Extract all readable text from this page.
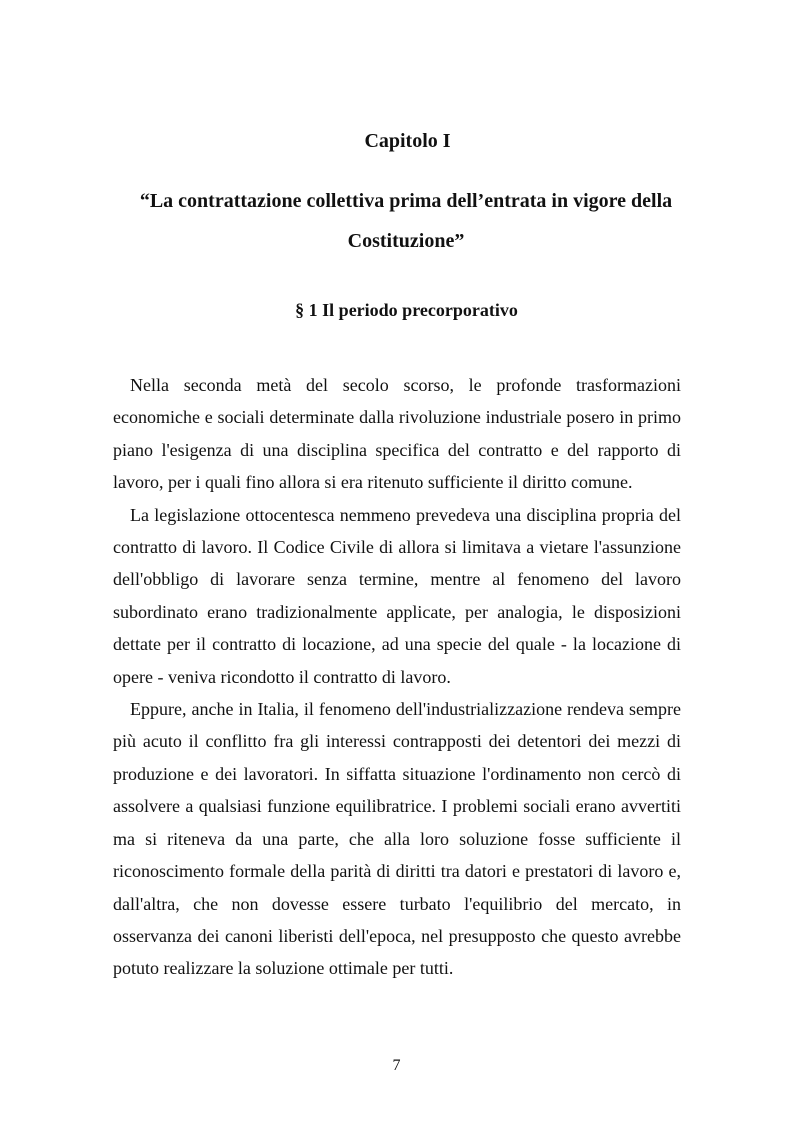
Capitolo I
“La contrattazione collettiva prima dell’entrata in vigore della Costituzione”
§ 1 Il periodo precorporativo

Nella seconda metà del secolo scorso, le profonde trasformazioni economiche e sociali determinate dalla rivoluzione industriale posero in primo piano l'esigenza di una disciplina specifica del contratto e del rapporto di lavoro, per i quali fino allora si era ritenuto sufficiente il diritto comune.

La legislazione ottocentesca nemmeno prevedeva una disciplina propria del contratto di lavoro. Il Codice Civile di allora si limitava a vietare l'assunzione dell'obbligo di lavorare senza termine, mentre al fenomeno del lavoro subordinato erano tradizionalmente applicate, per analogia, le disposizioni dettate per il contratto di locazione, ad una specie del quale - la locazione di opere - veniva ricondotto il contratto di lavoro.

Eppure, anche in Italia, il fenomeno dell'industrializzazione rendeva sempre più acuto il conflitto fra gli interessi contrapposti dei detentori dei mezzi di produzione e dei lavoratori. In siffatta situazione l'ordinamento non cercò di assolvere a qualsiasi funzione equilibratrice. I problemi sociali erano avvertiti ma si riteneva da una parte, che alla loro soluzione fosse sufficiente il riconoscimento formale della parità di diritti tra datori e prestatori di lavoro e, dall'altra, che non dovesse essere turbato l'equilibrio del mercato, in osservanza dei canoni liberisti dell'epoca, nel presupposto che questo avrebbe potuto realizzare la soluzione ottimale per tutti.

7
